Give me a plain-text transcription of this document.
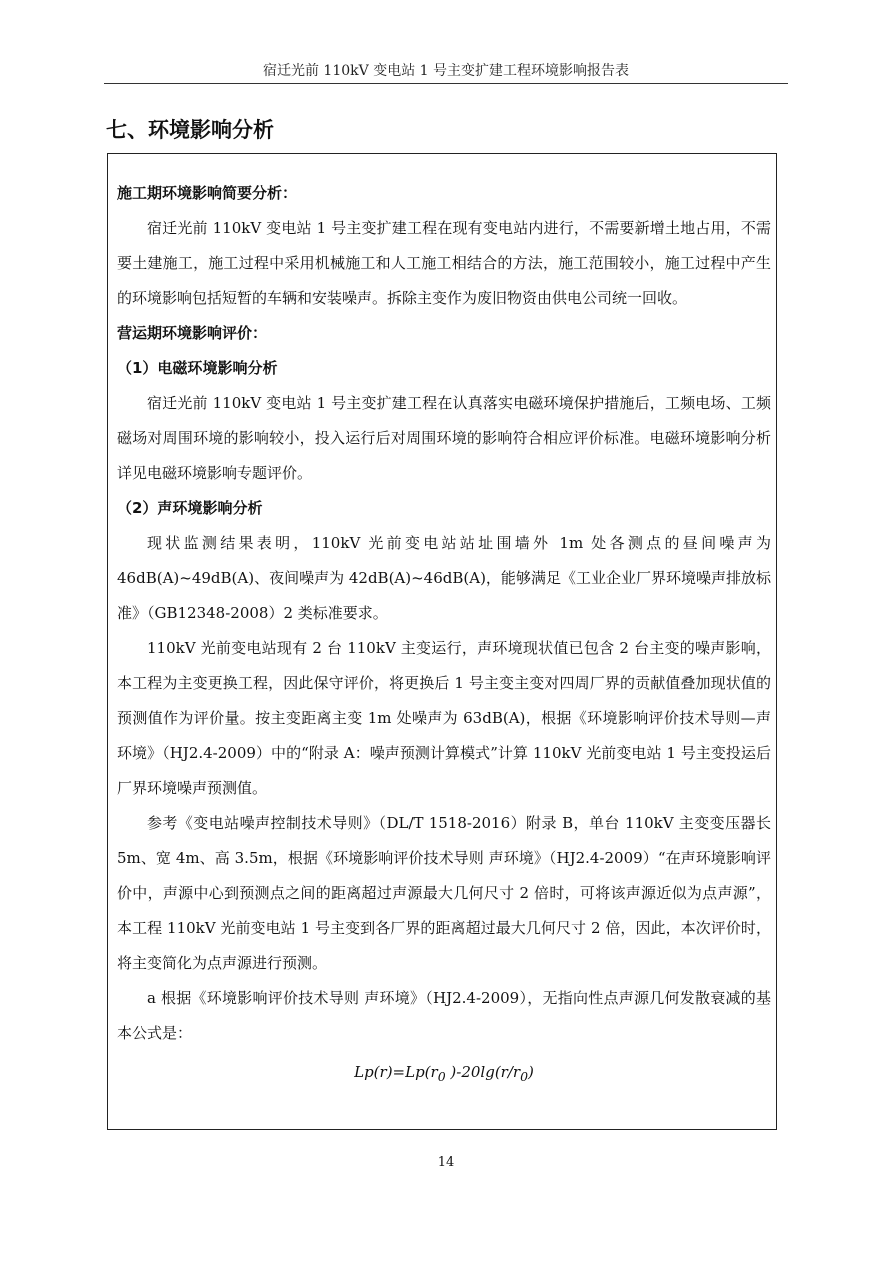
宿迁光前 110kV 变电站 1 号主变扩建工程环境影响报告表
七、环境影响分析

施工期环境影响简要分析：

宿迁光前 110kV 变电站 1 号主变扩建工程在现有变电站内进行，不需要新增土地占用，不需要土建施工，施工过程中采用机械施工和人工施工相结合的方法，施工范围较小，施工过程中产生的环境影响包括短暂的车辆和安装噪声。拆除主变作为废旧物资由供电公司统一回收。

营运期环境影响评价：

（1）电磁环境影响分析

宿迁光前 110kV 变电站 1 号主变扩建工程在认真落实电磁环境保护措施后，工频电场、工频磁场对周围环境的影响较小，投入运行后对周围环境的影响符合相应评价标准。电磁环境影响分析详见电磁环境影响专题评价。

（2）声环境影响分析

现状监测结果表明，110kV 光前变电站站址围墙外 1m 处各测点的昼间噪声为 46dB(A)~49dB(A)、夜间噪声为 42dB(A)~46dB(A)，能够满足《工业企业厂界环境噪声排放标准》（GB12348-2008）2 类标准要求。

110kV 光前变电站现有 2 台 110kV 主变运行，声环境现状值已包含 2 台主变的噪声影响，本工程为主变更换工程，因此保守评价，将更换后 1 号主变主变对四周厂界的贡献值叠加现状值的预测值作为评价量。按主变距离主变 1m 处噪声为 63dB(A)，根据《环境影响评价技术导则—声环境》（HJ2.4-2009）中的“附录 A：噪声预测计算模式”计算 110kV 光前变电站 1 号主变投运后厂界环境噪声预测值。

参考《变电站噪声控制技术导则》（DL/T 1518-2016）附录 B，单台 110kV 主变变压器长 5m、宽 4m、高 3.5m，根据《环境影响评价技术导则 声环境》（HJ2.4-2009）“在声环境影响评价中，声源中心到预测点之间的距离超过声源最大几何尺寸 2 倍时，可将该声源近似为点声源”，本工程 110kV 光前变电站 1 号主变到各厂界的距离超过最大几何尺寸 2 倍，因此，本次评价时，将主变简化为点声源进行预测。

a 根据《环境影响评价技术导则 声环境》（HJ2.4-2009），无指向性点声源几何发散衰减的基本公式是：

$Lp(r)=Lp(r_0$ )$-20\lg(r/r_0)$

14
